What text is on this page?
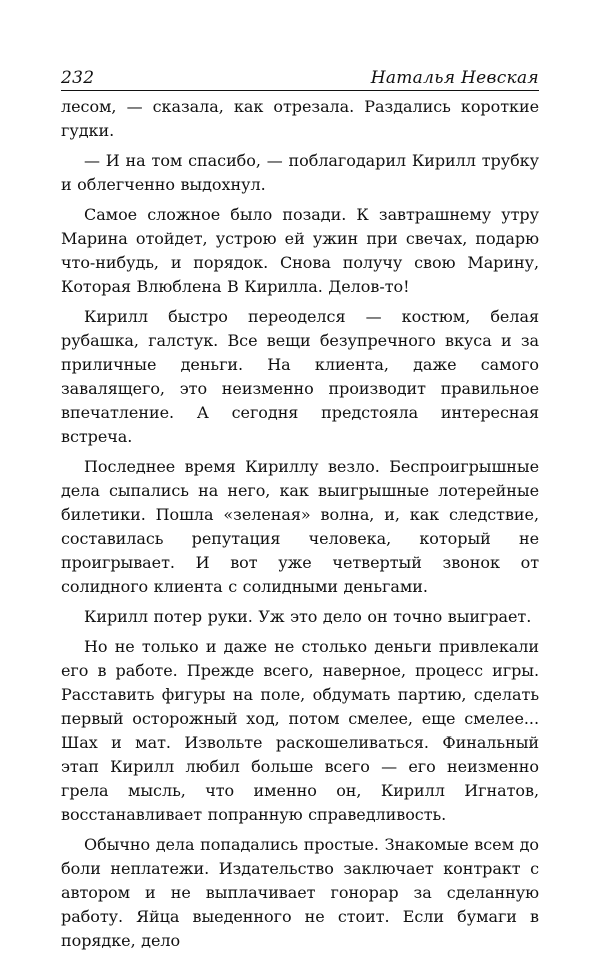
232	Наталья Невская

лесом, — сказала, как отрезала. Раздались короткие гудки.

— И на том спасибо, — поблагодарил Кирилл трубку и облегченно выдохнул.

Самое сложное было позади. К завтрашнему утру Марина отойдет, устрою ей ужин при свечах, подарю что-нибудь, и порядок. Снова получу свою Марину, Которая Влюблена В Кирилла. Делов-то!

Кирилл быстро переоделся — костюм, белая рубашка, галстук. Все вещи безупречного вкуса и за приличные деньги. На клиента, даже самого завалящего, это неизменно производит правильное впечатление. А сегодня предстояла интересная встреча.

Последнее время Кириллу везло. Беспроигрышные дела сыпались на него, как выигрышные лотерейные билетики. Пошла «зеленая» волна, и, как следствие, составилась репутация человека, который не проигрывает. И вот уже четвертый звонок от солидного клиента с солидными деньгами.

Кирилл потер руки. Уж это дело он точно выиграет.

Но не только и даже не столько деньги привлекали его в работе. Прежде всего, наверное, процесс игры. Расставить фигуры на поле, обдумать партию, сделать первый осторожный ход, потом смелее, еще смелее... Шах и мат. Извольте раскошеливаться. Финальный этап Кирилл любил больше всего — его неизменно грела мысль, что именно он, Кирилл Игнатов, восстанавливает попранную справедливость.

Обычно дела попадались простые. Знакомые всем до боли неплатежи. Издательство заключает контракт с автором и не выплачивает гонорар за сделанную работу. Яйца выеденного не стоит. Если бумаги в порядке, дело
